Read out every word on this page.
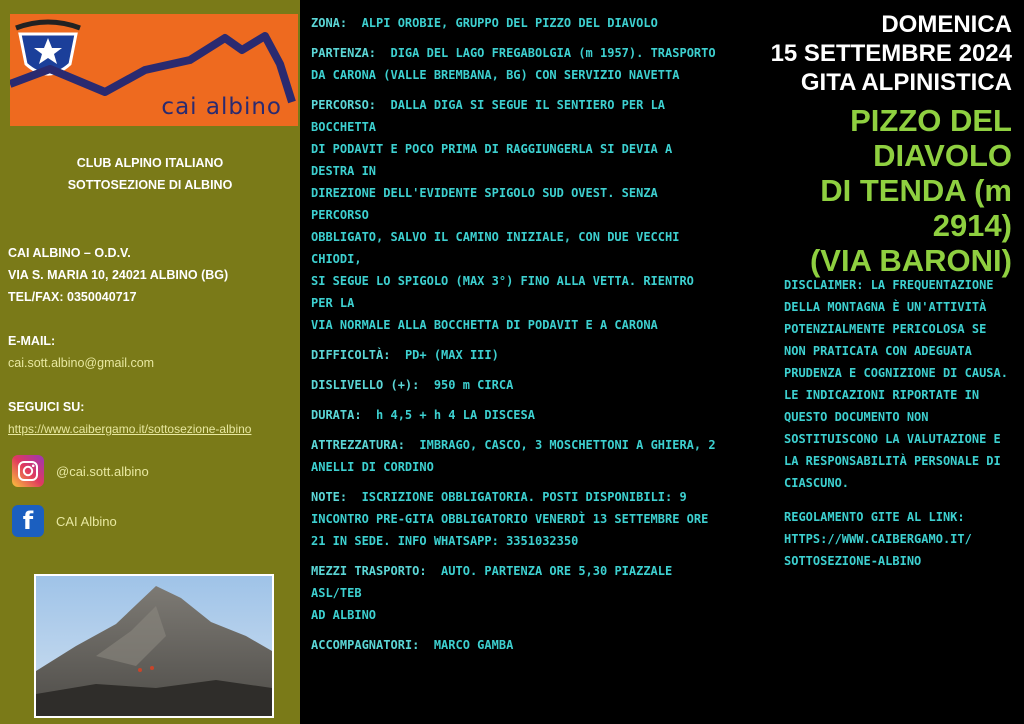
cai albino
CLUB ALPINO ITALIANO
SOTTOSEZIONE DI ALBINO
CAI ALBINO – O.D.V.
VIA S. MARIA 10, 24021 ALBINO (BG)
TEL/FAX: 0350040717
E-MAIL:
cai.sott.albino@gmail.com
SEGUICI SU:
https://www.caibergamo.it/sottosezione-albino
@cai.sott.albino
f	CAI Albino
ZONA: ALPI OROBIE, GRUPPO DEL PIZZO DEL DIAVOLO
PARTENZA: DIGA DEL LAGO FREGABOLGIA (m 1957). TRASPORTO
DA CARONA (VALLE BREMBANA, BG) CON SERVIZIO NAVETTA
PERCORSO: DALLA DIGA SI SEGUE IL SENTIERO PER LA BOCCHETTA
DI PODAVIT E POCO PRIMA DI RAGGIUNGERLA SI DEVIA A DESTRA IN
DIREZIONE DELL'EVIDENTE SPIGOLO SUD OVEST. SENZA PERCORSO
OBBLIGATO, SALVO IL CAMINO INIZIALE, CON DUE VECCHI CHIODI,
SI SEGUE LO SPIGOLO (MAX 3°) FINO ALLA VETTA. RIENTRO PER LA
VIA NORMALE ALLA BOCCHETTA DI PODAVIT E A CARONA
DIFFICOLTÀ: PD+ (MAX III)
DISLIVELLO (+): 950 m CIRCA
DURATA: h 4,5 + h 4 LA DISCESA
ATTREZZATURA: IMBRAGO, CASCO, 3 MOSCHETTONI A GHIERA, 2
ANELLI DI CORDINO
NOTE: ISCRIZIONE OBBLIGATORIA. POSTI DISPONIBILI: 9
INCONTRO PRE-GITA OBBLIGATORIO VENERDÌ 13 SETTEMBRE ORE
21 IN SEDE. INFO WHATSAPP: 3351032350
MEZZI TRASPORTO: AUTO. PARTENZA ORE 5,30 PIAZZALE ASL/TEB
AD ALBINO
ACCOMPAGNATORI: MARCO GAMBA
DOMENICA
15 SETTEMBRE 2024
GITA ALPINISTICA
PIZZO DEL DIAVOLO
DI TENDA (m 2914)
(VIA BARONI)
DISCLAIMER: LA FREQUENTAZIONE
DELLA MONTAGNA È UN'ATTIVITÀ
POTENZIALMENTE PERICOLOSA SE
NON PRATICATA CON ADEGUATA
PRUDENZA E COGNIZIONE DI CAUSA.
LE INDICAZIONI RIPORTATE IN
QUESTO DOCUMENTO NON
SOSTITUISCONO LA VALUTAZIONE E
LA RESPONSABILITÀ PERSONALE DI
CIASCUNO.
REGOLAMENTO GITE AL LINK:
HTTPS://WWW.CAIBERGAMO.IT/
SOTTOSEZIONE-ALBINO
